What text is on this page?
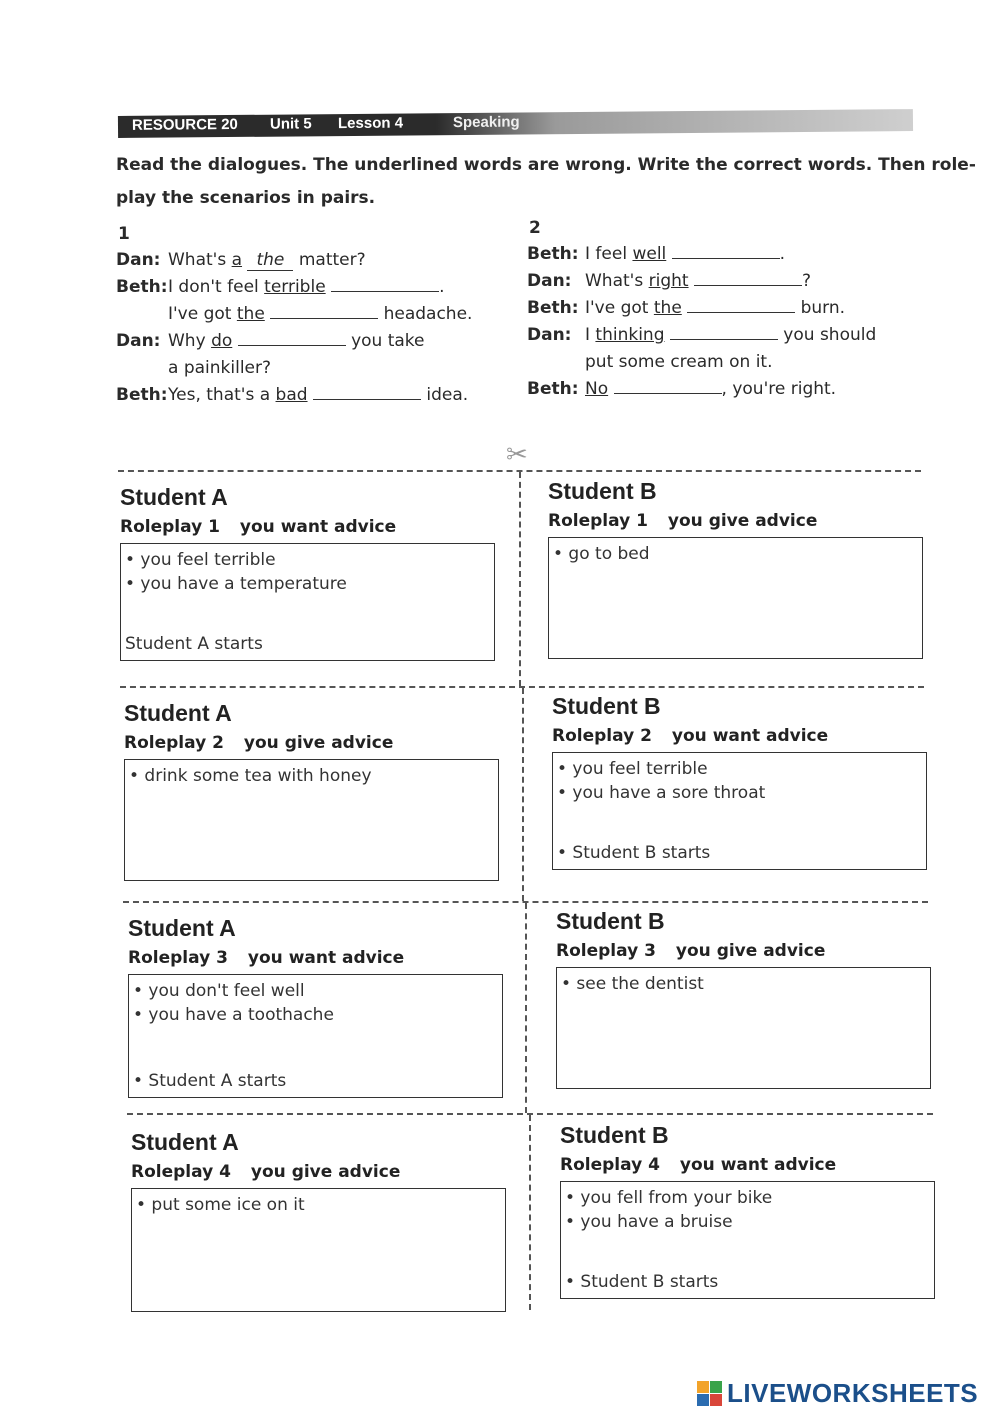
RESOURCE 20 Unit 5 Lesson 4	Speaking
Read the dialogues. The underlined words are wrong. Write the correct words. Then role-
play the scenarios in pairs.
1
Dan: What's a the matter?
Beth:I don't feel terrible	.
I've got the	headache.
Dan: Why do	you take
a painkiller?
Beth:Yes, that's a bad	idea.
2
Beth: I feel well	.
Dan: What's right	?
Beth: I've got the	burn.
Dan: I thinking	you should
put some cream on it.
Beth: No	, you're right.
✂
Student A
Roleplay 1 you want advice
• you feel terrible
• you have a temperature
Student A starts
Student B
Roleplay 1 you give advice
• go to bed
Student A
Roleplay 2 you give advice
• drink some tea with honey
Student B
Roleplay 2 you want advice
• you feel terrible
• you have a sore throat
• Student B starts
Student A
Roleplay 3 you want advice
• you don't feel well
• you have a toothache
• Student A starts
Student B
Roleplay 3 you give advice
• see the dentist
Student A
Roleplay 4 you give advice
• put some ice on it
Student B
Roleplay 4 you want advice
• you fell from your bike
• you have a bruise
• Student B starts
LIVEWORKSHEETS
